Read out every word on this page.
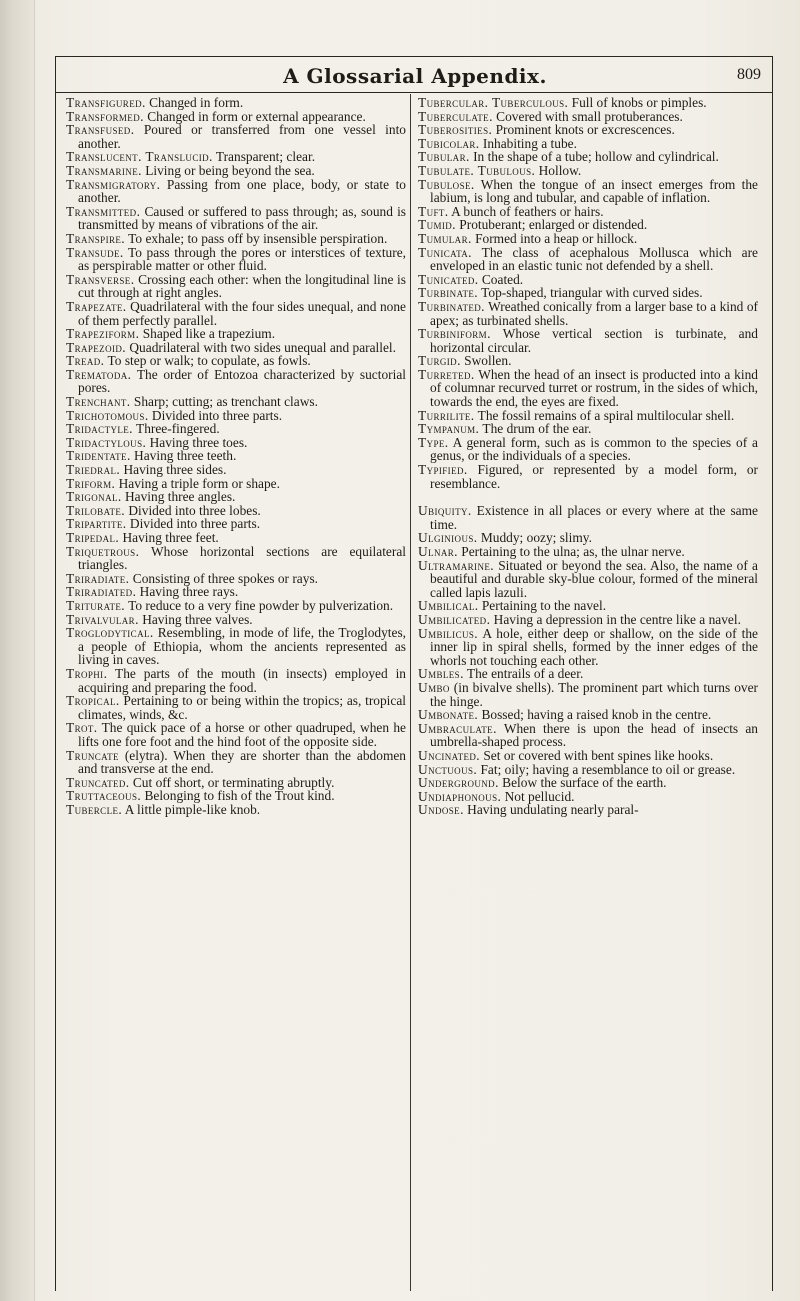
A Glossarial Appendix.	809

Transfigured. Changed in form.

Transformed. Changed in form or external appearance.

Transfused. Poured or transferred from one vessel into another.

Translucent. Translucid. Transparent; clear.

Transmarine. Living or being beyond the sea.

Transmigratory. Passing from one place, body, or state to another.

Transmitted. Caused or suffered to pass through; as, sound is transmitted by means of vibrations of the air.

Transpire. To exhale; to pass off by insensible perspiration.

Transude. To pass through the pores or interstices of texture, as perspirable matter or other fluid.

Transverse. Crossing each other: when the longitudinal line is cut through at right angles.

Trapezate. Quadrilateral with the four sides unequal, and none of them perfectly parallel.

Trapeziform. Shaped like a trapezium.

Trapezoid. Quadrilateral with two sides unequal and parallel.

Tread. To step or walk; to copulate, as fowls.

Trematoda. The order of Entozoa characterized by suctorial pores.

Trenchant. Sharp; cutting; as trenchant claws.

Trichotomous. Divided into three parts.

Tridactyle. Three-fingered.

Tridactylous. Having three toes.

Tridentate. Having three teeth.

Triedral. Having three sides.

Triform. Having a triple form or shape.

Trigonal. Having three angles.

Trilobate. Divided into three lobes.

Tripartite. Divided into three parts.

Tripedal. Having three feet.

Triquetrous. Whose horizontal sections are equilateral triangles.

Triradiate. Consisting of three spokes or rays.

Triradiated. Having three rays.

Triturate. To reduce to a very fine powder by pulverization.

Trivalvular. Having three valves.

Troglodytical. Resembling, in mode of life, the Troglodytes, a people of Ethiopia, whom the ancients represented as living in caves.

Trophi. The parts of the mouth (in insects) employed in acquiring and preparing the food.

Tropical. Pertaining to or being within the tropics; as, tropical climates, winds, &c.

Trot. The quick pace of a horse or other quadruped, when he lifts one fore foot and the hind foot of the opposite side.

Truncate (elytra). When they are shorter than the abdomen and transverse at the end.

Truncated. Cut off short, or terminating abruptly.

Truttaceous. Belonging to fish of the Trout kind.

Tubercle. A little pimple-like knob.

Tubercular. Tuberculous. Full of knobs or pimples.

Tuberculate. Covered with small protuberances.

Tuberosities. Prominent knots or excrescences.

Tubicolar. Inhabiting a tube.

Tubular. In the shape of a tube; hollow and cylindrical.

Tubulate. Tubulous. Hollow.

Tubulose. When the tongue of an insect emerges from the labium, is long and tubular, and capable of inflation.

Tuft. A bunch of feathers or hairs.

Tumid. Protuberant; enlarged or distended.

Tumular. Formed into a heap or hillock.

Tunicata. The class of acephalous Mollusca which are enveloped in an elastic tunic not defended by a shell.

Tunicated. Coated.

Turbinate. Top-shaped, triangular with curved sides.

Turbinated. Wreathed conically from a larger base to a kind of apex; as turbinated shells.

Turbiniform. Whose vertical section is turbinate, and horizontal circular.

Turgid. Swollen.

Turreted. When the head of an insect is producted into a kind of columnar recurved turret or rostrum, in the sides of which, towards the end, the eyes are fixed.

Turrilite. The fossil remains of a spiral multilocular shell.

Tympanum. The drum of the ear.

Type. A general form, such as is common to the species of a genus, or the individuals of a species.

Typified. Figured, or represented by a model form, or resemblance.

Ubiquity. Existence in all places or every where at the same time.

Ulginious. Muddy; oozy; slimy.

Ulnar. Pertaining to the ulna; as, the ulnar nerve.

Ultramarine. Situated or beyond the sea. Also, the name of a beautiful and durable sky-blue colour, formed of the mineral called lapis lazuli.

Umbilical. Pertaining to the navel.

Umbilicated. Having a depression in the centre like a navel.

Umbilicus. A hole, either deep or shallow, on the side of the inner lip in spiral shells, formed by the inner edges of the whorls not touching each other.

Umbles. The entrails of a deer.

Umbo (in bivalve shells). The prominent part which turns over the hinge.

Umbonate. Bossed; having a raised knob in the centre.

Umbraculate. When there is upon the head of insects an umbrella-shaped process.

Uncinated. Set or covered with bent spines like hooks.

Unctuous. Fat; oily; having a resemblance to oil or grease.

Underground. Below the surface of the earth.

Undiaphonous. Not pellucid.

Undose. Having undulating nearly paral-
